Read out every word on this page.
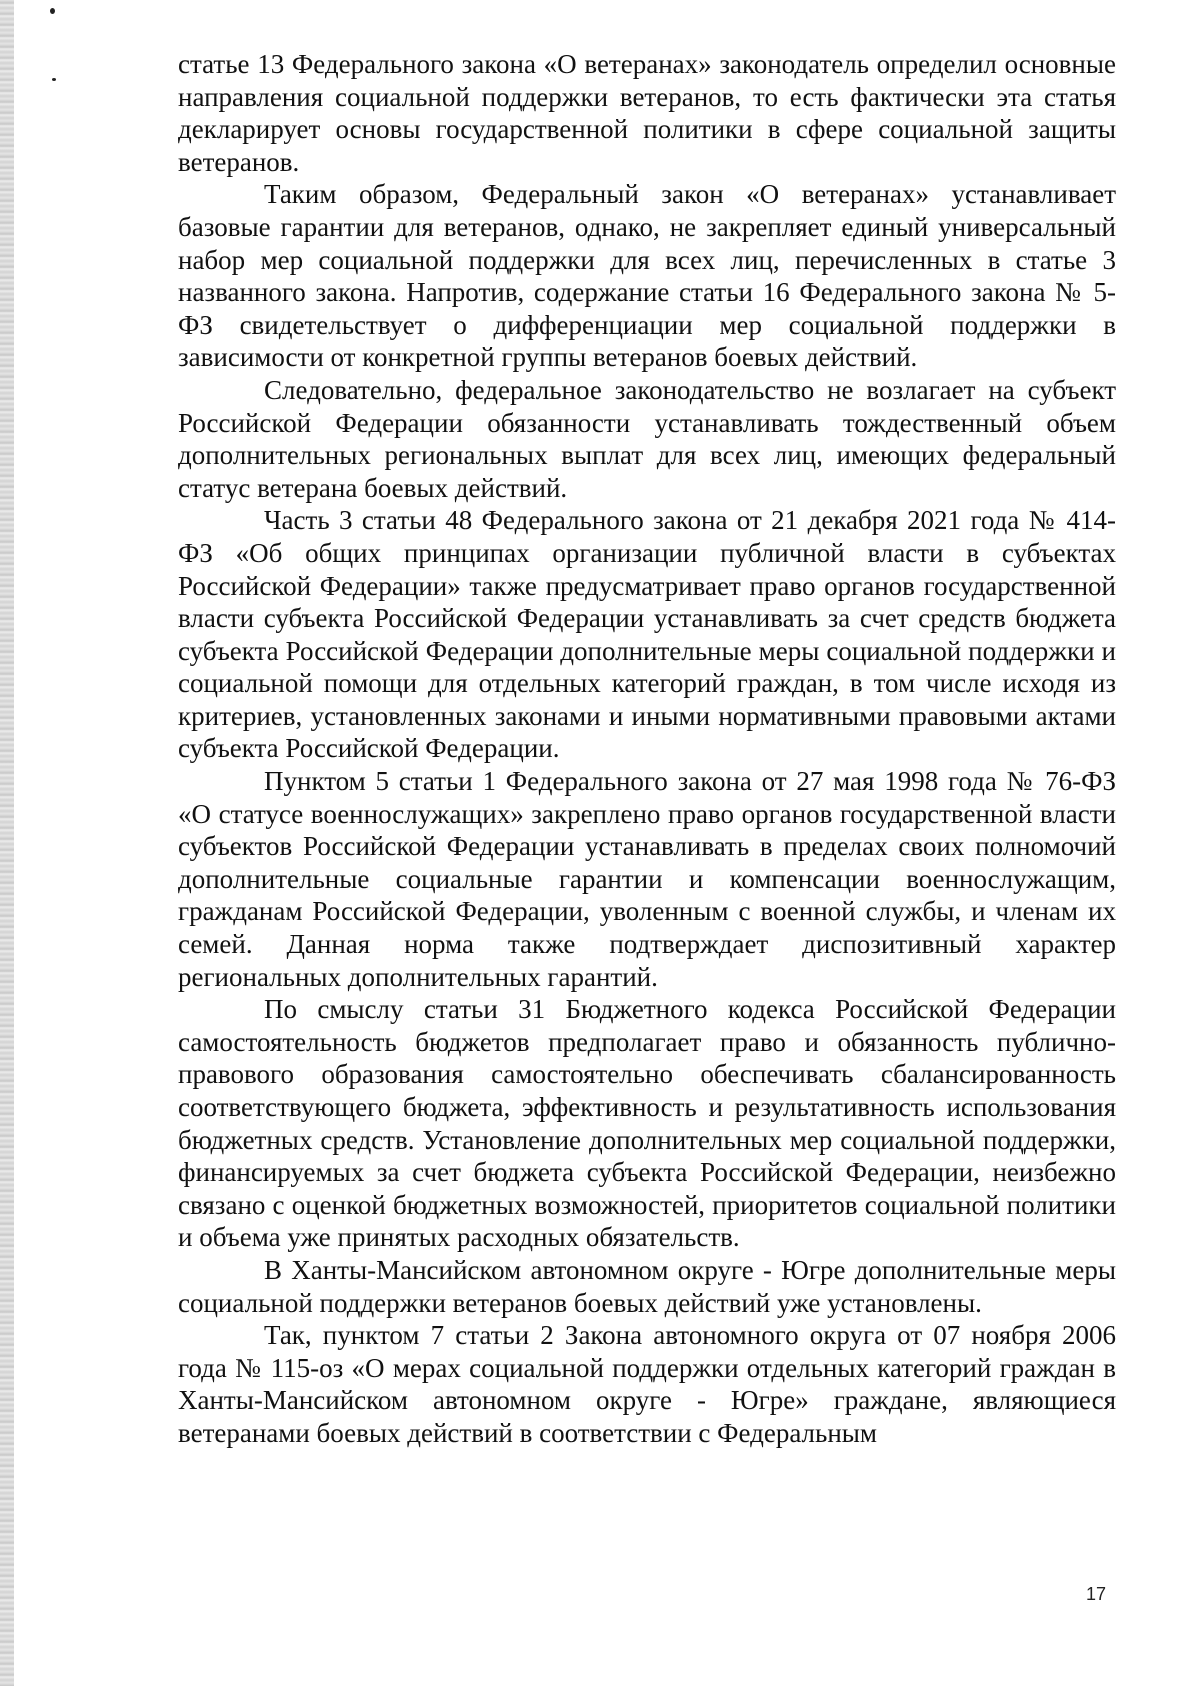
статье 13 Федерального закона «О ветеранах» законодатель определил основные направления социальной поддержки ветеранов, то есть фактически эта статья декларирует основы государственной политики в сфере социальной защиты ветеранов.

Таким образом, Федеральный закон «О ветеранах» устанавливает базовые гарантии для ветеранов, однако, не закрепляет единый универсальный набор мер социальной поддержки для всех лиц, перечисленных в статье 3 названного закона. Напротив, содержание статьи 16 Федерального закона № 5-ФЗ свидетельствует о дифференциации мер социальной поддержки в зависимости от конкретной группы ветеранов боевых действий.

Следовательно, федеральное законодательство не возлагает на субъект Российской Федерации обязанности устанавливать тождественный объем дополнительных региональных выплат для всех лиц, имеющих федеральный статус ветерана боевых действий.

Часть 3 статьи 48 Федерального закона от 21 декабря 2021 года № 414-ФЗ «Об общих принципах организации публичной власти в субъектах Российской Федерации» также предусматривает право органов государственной власти субъекта Российской Федерации устанавливать за счет средств бюджета субъекта Российской Федерации дополнительные меры социальной поддержки и социальной помощи для отдельных категорий граждан, в том числе исходя из критериев, установленных законами и иными нормативными правовыми актами субъекта Российской Федерации.

Пунктом 5 статьи 1 Федерального закона от 27 мая 1998 года № 76-ФЗ «О статусе военнослужащих» закреплено право органов государственной власти субъектов Российской Федерации устанавливать в пределах своих полномочий дополнительные социальные гарантии и компенсации военнослужащим, гражданам Российской Федерации, уволенным с военной службы, и членам их семей. Данная норма также подтверждает диспозитивный характер региональных дополнительных гарантий.

По смыслу статьи 31 Бюджетного кодекса Российской Федерации самостоятельность бюджетов предполагает право и обязанность публично-правового образования самостоятельно обеспечивать сбалансированность соответствующего бюджета, эффективность и результативность использования бюджетных средств. Установление дополнительных мер социальной поддержки, финансируемых за счет бюджета субъекта Российской Федерации, неизбежно связано с оценкой бюджетных возможностей, приоритетов социальной политики и объема уже принятых расходных обязательств.

В Ханты-Мансийском автономном округе - Югре дополнительные меры социальной поддержки ветеранов боевых действий уже установлены.

Так, пунктом 7 статьи 2 Закона автономного округа от 07 ноября 2006 года № 115-оз «О мерах социальной поддержки отдельных категорий граждан в Ханты-Мансийском автономном округе - Югре» граждане, являющиеся ветеранами боевых действий в соответствии с Федеральным

17
